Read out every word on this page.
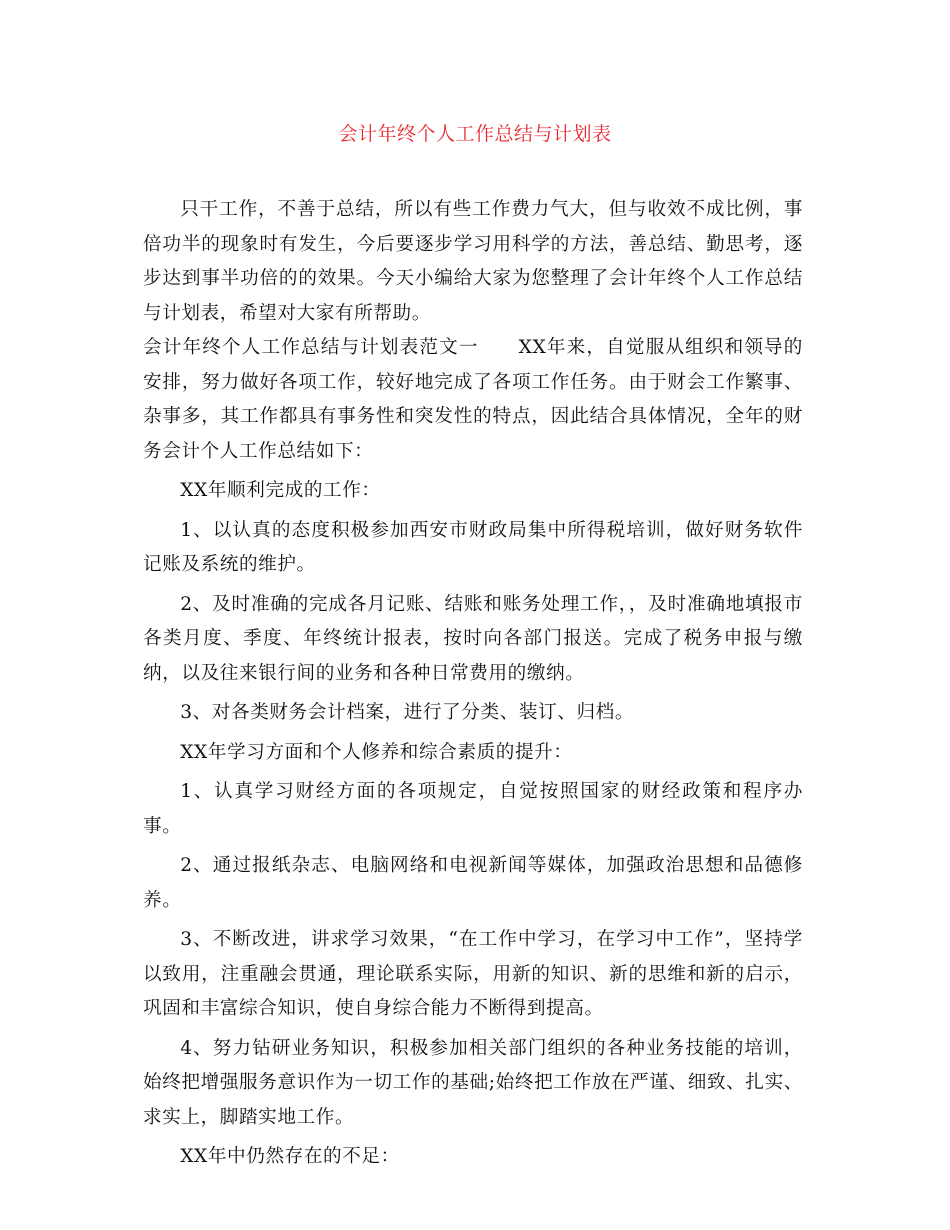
会计年终个人工作总结与计划表

只干工作，不善于总结，所以有些工作费力气大，但与收效不成比例，事倍功半的现象时有发生，今后要逐步学习用科学的方法，善总结、勤思考，逐步达到事半功倍的的效果。今天小编给大家为您整理了会计年终个人工作总结与计划表，希望对大家有所帮助。

会计年终个人工作总结与计划表范文一 XX年来，自觉服从组织和领导的安排，努力做好各项工作，较好地完成了各项工作任务。由于财会工作繁事、杂事多，其工作都具有事务性和突发性的特点，因此结合具体情况，全年的财务会计个人工作总结如下：

XX年顺利完成的工作：

1、以认真的态度积极参加西安市财政局集中所得税培训，做好财务软件记账及系统的维护。

2、及时准确的完成各月记账、结账和账务处理工作，，及时准确地填报市各类月度、季度、年终统计报表，按时向各部门报送。完成了税务申报与缴纳，以及往来银行间的业务和各种日常费用的缴纳。

3、对各类财务会计档案，进行了分类、装订、归档。

XX年学习方面和个人修养和综合素质的提升：

1、认真学习财经方面的各项规定，自觉按照国家的财经政策和程序办事。

2、通过报纸杂志、电脑网络和电视新闻等媒体，加强政治思想和品德修养。

3、不断改进，讲求学习效果，“在工作中学习，在学习中工作”，坚持学以致用，注重融会贯通，理论联系实际，用新的知识、新的思维和新的启示，巩固和丰富综合知识，使自身综合能力不断得到提高。

4、努力钻研业务知识，积极参加相关部门组织的各种业务技能的培训，始终把增强服务意识作为一切工作的基础;始终把工作放在严谨、细致、扎实、求实上，脚踏实地工作。

XX年中仍然存在的不足：
